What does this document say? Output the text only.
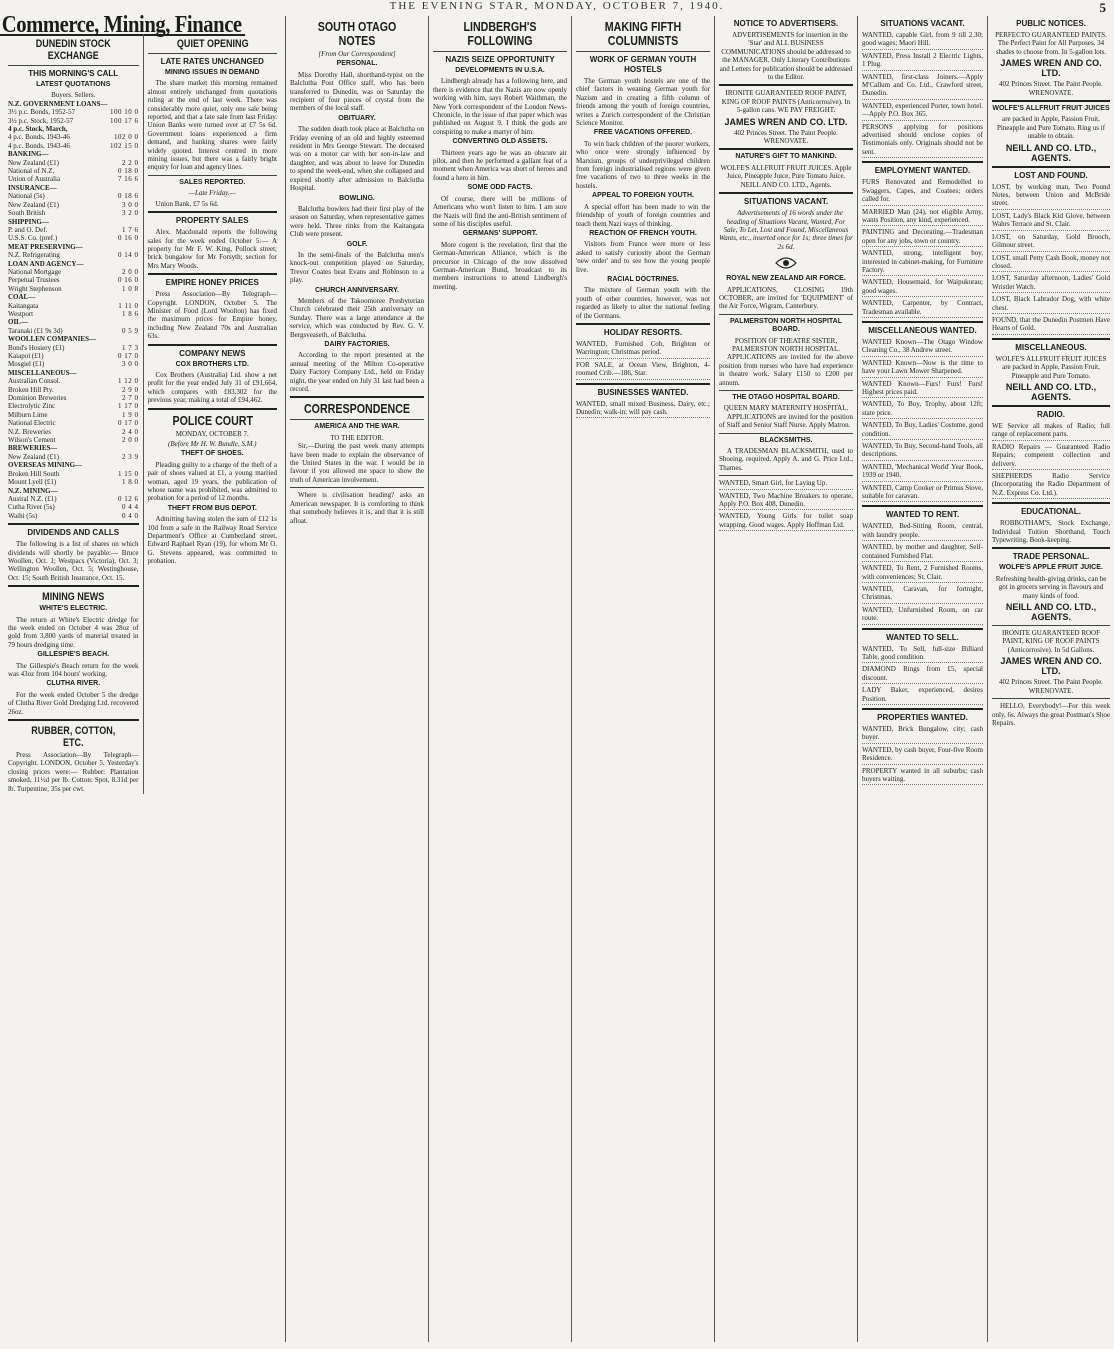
THE EVENING STAR, MONDAY, OCTOBER 7, 1940.	5
Commerce, Mining, Finance
DUNEDIN STOCK EXCHANGE
THIS MORNING'S CALL
LATEST QUOTATIONS
Buyers. Sellers.
N.Z. GOVERNMENT LOANS—
3½ p.c. Bonds, 1952-57	100 10 0
3½ p.c. Stock, 1952-57	100 17 6
4 p.c. Stock, March,
4 p.c. Bonds, 1943-46	102 0 0
4 p.c. Bonds, 1943-46	102 15 0
BANKING—
New Zealand (£1)	2 2 0
National of N.Z.	0 18 0
Union of Australia	7 16 6
INSURANCE—
National (5s)	0 18 6
New Zealand (£1)	3 0 0
South British	3 2 0
SHIPPING—
P. and O. Def.	1 7 6
U.S.S. Co. (pref.)	0 16 0
MEAT PRESERVING—
N.Z. Refrigerating	0 14 0
LOAN AND AGENCY—
National Mortgage	2 0 0
Perpetual Trustees	0 16 0
Wright Stephenson	1 0 8
COAL—
Kaitangata	1 11 0
Westport	1 8 6
OIL—
Taranaki (£1 9s 3d)	0 5 9
WOOLLEN COMPANIES—
Bond's Hosiery (£1)	1 7 3
Kaiapoi (£1)	0 17 0
Mosgiel (£1)	3 0 0
MISCELLANEOUS—
Australian Consol.	1 12 0
Broken Hill Pty.	2 9 0
Dominion Breweries	2 7 0
Electrolytic Zinc	1 17 0
Milburn Lime	1 9 0
National Electric	0 17 0
N.Z. Breweries	2 4 0
Wilson's Cement	2 0 0
BREWERIES—
New Zealand (£1)	2 3 9
OVERSEAS MINING—
Broken Hill South	1 15 0
Mount Lyell (£1)	1 8 0
N.Z. MINING—
Austral N.Z. (£1)	0 12 6
Cutha River (5s)	0 4 4
Waihi (5s)	0 4 0
DIVIDENDS AND CALLS
The following is a list of shares on which dividends will shortly be payable:— Bruce Woollen, Oct. 1; Westpacs (Victoria), Oct. 3; Wellington Woollen, Oct. 5; Westinghouse, Oct. 15; South British Insurance, Oct. 15.
MINING NEWS
WHITE'S ELECTRIC.
The return at White's Electric dredge for the week ended on October 4 was 28oz of gold from 3,800 yards of material treated in 79 hours dredging time.
GILLESPIE'S BEACH.
The Gillespie's Beach return for the week was 43oz from 104 hours' working.
CLUTHA RIVER.
For the week ended October 5 the dredge of Clutha River Gold Dredging Ltd. recovered 26oz.
RUBBER, COTTON, ETC.
Press Association—By Telegraph—Copyright. LONDON, October 5. Yesterday's closing prices were:— Rubber: Plantation smoked, 11½d per lb. Cotton: Spot, 8.31d per lb. Turpentine, 35s per cwt.
QUIET OPENING
LATE RATES UNCHANGED
MINING ISSUES IN DEMAND
The share market this morning remained almost entirely unchanged from quotations ruling at the end of last week. There was considerably more quiet, only one sale being reported, and that a late sale from last Friday. Union Banks were turned over at £7 5s 6d. Government loans experienced a firm demand, and banking shares were fairly widely quoted. Interest centred in more mining issues, but there was a fairly bright enquiry for loan and agency lines.
SALES REPORTED.
—Late Friday.—
Union Bank, £7 5s 6d.
PROPERTY SALES
Alex. Macdonald reports the following sales for the week ended October 5:— A property for Mr F. W. King, Pollock street; brick bungalow for Mr Forsyth; section for Mrs Mary Woods.
EMPIRE HONEY PRICES
Press Association—By Telegraph—Copyright. LONDON, October 5. The Minister of Food (Lord Woolton) has fixed the maximum prices for Empire honey, including New Zealand 70s and Australian 63s.
COMPANY NEWS
COX BROTHERS LTD.
Cox Brothers (Australia) Ltd. show a net profit for the year ended July 31 of £91,664, which compares with £83,302 for the previous year, making a total of £94,462.
POLICE COURT
MONDAY, OCTOBER 7.
(Before Mr H. W. Bundle, S.M.)
THEFT OF SHOES.
Pleading guilty to a charge of the theft of a pair of shoes valued at £1, a young married woman, aged 19 years, the publication of whose name was prohibited, was admitted to probation for a period of 12 months.
THEFT FROM BUS DEPOT.
Admitting having stolen the sum of £12 1s 10d from a safe in the Railway Road Service Department's Office at Cumberland street, Edward Raphael Ryan (19), for whom Mr O. G. Stevens appeared, was committed to probation.
SOUTH OTAGO NOTES
[From Our Correspondent]
PERSONAL.
Miss Dorothy Hall, shorthand-typist on the Balclutha Post Office staff, who has been transferred to Dunedin, was on Saturday the recipient of four pieces of crystal from the members of the local staff.
OBITUARY.
The sudden death took place at Balclutha on Friday evening of an old and highly esteemed resident in Mrs George Stewart. The deceased was on a motor car with her son-in-law and daughter, and was about to leave for Dunedin to spend the week-end, when she collapsed and expired shortly after admission to Balclutha Hospital.
BOWLING.
Balclutha bowlers had their first play of the season on Saturday, when representative games were held. Three rinks from the Kaitangata Club were present.
GOLF.
In the semi-finals of the Balclutha men's knock-out competition played on Saturday, Trevor Coates beat Evans and Robinson to a play.
CHURCH ANNIVERSARY.
Members of the Takoomoree Presbyterian Church celebrated their 25th anniversary on Sunday. There was a large attendance at the service, which was conducted by Rev. G. V. Bergsveaseth, of Balclutha.
DAIRY FACTORIES.
According to the report presented at the annual meeting of the Milton Co-operative Dairy Factory Company Ltd., held on Friday night, the year ended on July 31 last had been a record.
CORRESPONDENCE
AMERICA AND THE WAR.
TO THE EDITOR.
Sir,—During the past week many attempts have been made to explain the observance of the United States in the war. I would be in favour if you allowed me space to show the truth of American involvement.
Where is civilisation heading? asks an American newspaper. It is comforting to think that somebody believes it is, and that it is still afloat.
LINDBERGH'S FOLLOWING
NAZIS SEIZE OPPORTUNITY
DEVELOPMENTS IN U.S.A.
Lindbergh already has a following here, and there is evidence that the Nazis are now openly working with him, says Robert Waithman, the New York correspondent of the London News-Chronicle, in the issue of that paper which was published on August 9. I think the gods are conspiring to make a martyr of him.
CONVERTING OLD ASSETS.
Thirteen years ago he was an obscure air pilot, and then he performed a gallant feat of a moment when America was short of heroes and found a hero in him.
SOME ODD FACTS.
Of course, there will be millions of Americans who won't listen to him. I am sure the Nazis will find the anti-British sentiment of some of his disciples useful.
GERMANS' SUPPORT.
More cogent is the revelation, first that the German-American Alliance, which is the precursor in Chicago of the now dissolved German-American Bund, broadcast to its members instructions to attend Lindbergh's meeting.
MAKING FIFTH COLUMNISTS
WORK OF GERMAN YOUTH HOSTELS
The German youth hostels are one of the chief factors in weaning German youth for Nazism and in creating a fifth column of friends among the youth of foreign countries, writes a Zurich correspondent of the Christian Science Monitor.
FREE VACATIONS OFFERED.
To win back children of the poorer workers, who once were strongly influenced by Marxism, groups of underprivileged children from foreign industrialised regions were given free vacations of two to three weeks in the hostels.
APPEAL TO FOREIGN YOUTH.
A special effort has been made to win the friendship of youth of foreign countries and teach them Nazi ways of thinking.
REACTION OF FRENCH YOUTH.
Visitors from France were more or less asked to satisfy curiosity about the German 'new order' and to see how the young people live.
RACIAL DOCTRINES.
The mixture of German youth with the youth of other countries, however, was not regarded as likely to alter the national feeling of the Germans.
HOLIDAY RESORTS.
WANTED, Furnished Cob, Brighton or Warrington; Christmas period.
FOR SALE, at Ocean View, Brighton, 4-roomed Crib.—186, Star.
BUSINESSES WANTED.
WANTED, small mixed Business, Dairy, etc.; Dunedin; walk-in; will pay cash.
NOTICE TO ADVERTISERS.
ADVERTISEMENTS for insertion in the 'Star' and ALL BUSINESS COMMUNICATIONS should be addressed to the MANAGER. Only Literary Contributions and Letters for publication should be addressed to the Editor.
IRONITE GUARANTEED ROOF PAINT, KING OF ROOF PAINTS (Anticorrosive). In 5-gallon cans. WE PAY FREIGHT.
JAMES WREN AND CO. LTD.
402 Princes Street. The Paint People. WRENOVATE.
NATURE'S GIFT TO MANKIND.
WOLFE'S ALLFRUIT FRUIT JUICES. Apple Juice, Pineapple Juice, Pure Tomato Juice.
NEILL AND CO. LTD., Agents.
SITUATIONS VACANT.
Advertisements of 16 words under the heading of Situations Vacant, Wanted, For Sale, To Let, Lost and Found, Miscellaneous Wants, etc., inserted once for 1s; three times for 2s 6d.
ROYAL NEW ZEALAND AIR FORCE.
APPLICATIONS, CLOSING 19th OCTOBER, are invited for 'EQUIPMENT' of the Air Force, Wigram, Canterbury.
PALMERSTON NORTH HOSPITAL BOARD.
POSITION OF THEATRE SISTER, PALMERSTON NORTH HOSPITAL.
APPLICATIONS are invited for the above position from nurses who have had experience in theatre work. Salary £150 to £200 per annum.
THE OTAGO HOSPITAL BOARD.
QUEEN MARY MATERNITY HOSPITAL.
APPLICATIONS are invited for the position of Staff and Senior Staff Nurse. Apply Matron.
BLACKSMITHS.
A TRADESMAN BLACKSMITH, used to Shoeing, required. Apply A. and G. Price Ltd., Thames.
WANTED, Smart Girl, for Laying Up.
WANTED, Two Machine Breakers to operate, Apply P.O. Box 408, Dunedin.
WANTED, Young Girls for toilet soap wrapping. Good wages. Apply Hoffman Ltd.
SITUATIONS VACANT.
WANTED, capable Girl, from 9 till 2.30; good wages; Maori Hill.
WANTED, Press Install 2 Electric Lights, 1 Plug.
WANTED, first-class Joiners.—Apply M'Callum and Co. Ltd., Crawford street, Dunedin.
WANTED, experienced Porter, town hotel.—Apply P.O. Box 365.
PERSONS applying for positions advertised should enclose copies of Testimonials only. Originals should not be sent.
EMPLOYMENT WANTED.
FURS Renovated and Remodelled to Swaggers, Capes, and Coatees; orders called for.
MARRIED Man (24), not eligible Army, wants Position, any kind, experienced.
PAINTING and Decorating.—Tradesman open for any jobs, town or country.
WANTED, strong, intelligent boy, interested in cabinet-making, for Furniture Factory.
WANTED, Housemaid, for Waipukurau; good wages.
WANTED, Carpenter, by Contract, Tradesman available.
MISCELLANEOUS WANTED.
WANTED Known—The Otago Window Cleaning Co., 38 Andrew street.
WANTED Known—Now is the time to have your Lawn Mower Sharpened.
WANTED Known—Furs! Furs! Furs! Highest prices paid.
WANTED, To Buy, Trophy, about 12ft; state price.
WANTED, To Buy, Ladies' Costume, good condition.
WANTED, To Buy, Second-hand Tools, all descriptions.
WANTED, 'Mechanical World' Year Book, 1939 or 1940.
WANTED, Camp Cooker or Primus Stove, suitable for caravan.
WANTED TO RENT.
WANTED, Bed-Sitting Room, central, with laundry people.
WANTED, by mother and daughter, Self-contained Furnished Flat.
WANTED, To Rent, 2 Furnished Rooms, with conveniences; St. Clair.
WANTED, Caravan, for fortnight, Christmas.
WANTED, Unfurnished Room, on car route.
WANTED TO SELL.
WANTED, To Sell, full-size Billiard Table, good condition.
DIAMOND Rings from £5, special discount.
LADY Baker, experienced, desires Position.
PROPERTIES WANTED.
WANTED, Brick Bungalow, city; cash buyer.
WANTED, by cash buyer, Four-five Room Residence.
PROPERTY wanted in all suburbs; cash buyers waiting.
PUBLIC NOTICES.
PERFECTO GUARANTEED PAINTS. The Perfect Paint for All Purposes. 34 shades to choose from. In 5-gallon lots.
JAMES WREN AND CO. LTD.
402 Princes Street. The Paint People. WRENOVATE.
WOLFE'S ALLFRUIT FRUIT JUICES
are packed in Apple, Passion Fruit, Pineapple and Pure Tomato. Ring us if unable to obtain.
NEILL AND CO. LTD., AGENTS.
LOST AND FOUND.
LOST, by working man, Two Pound Notes, between Union and McBride street.
LOST, Lady's Black Kid Glove, between Wahrs Terrace and St. Clair.
LOST, on Saturday, Gold Brooch, Gilmour street.
LOST, small Petty Cash Book, money not closed.
LOST, Saturday afternoon, Ladies' Gold Wristlet Watch.
LOST, Black Labrador Dog, with white chest.
FOUND, that the Dunedin Postmen Have Hearts of Gold.
MISCELLANEOUS.
WOLFE'S ALLFRUIT FRUIT JUICES are packed in Apple, Passion Fruit, Pineapple and Pure Tomato.
NEILL AND CO. LTD., AGENTS.
RADIO.
WE Service all makes of Radio; full range of replacement parts.
RADIO Repairs — Guaranteed Radio Repairs; competent collection and delivery.
SHEPHERDS Radio Service (Incorporating the Radio Department of N.Z. Express Co. Ltd.).
EDUCATIONAL.
ROBBOTHAM'S, Stock Exchange, Individual Tuition Shorthand, Touch Typewriting, Book-keeping.
TRADE PERSONAL.
WOLFE'S APPLE FRUIT JUICE.
Refreshing health-giving drinks, can be got in grocers serving in flavours and many kinds of food.
NEILL AND CO. LTD., AGENTS.
IRONITE GUARANTEED ROOF PAINT, KING OF ROOF PAINTS (Anticorrosive). In 5d Gallons.
JAMES WREN AND CO. LTD.
402 Princes Street. The Paint People. WRENOVATE.
HELLO, Everybody!—For this week only, 6s. Always the great Postman's Shoe Repairs.
